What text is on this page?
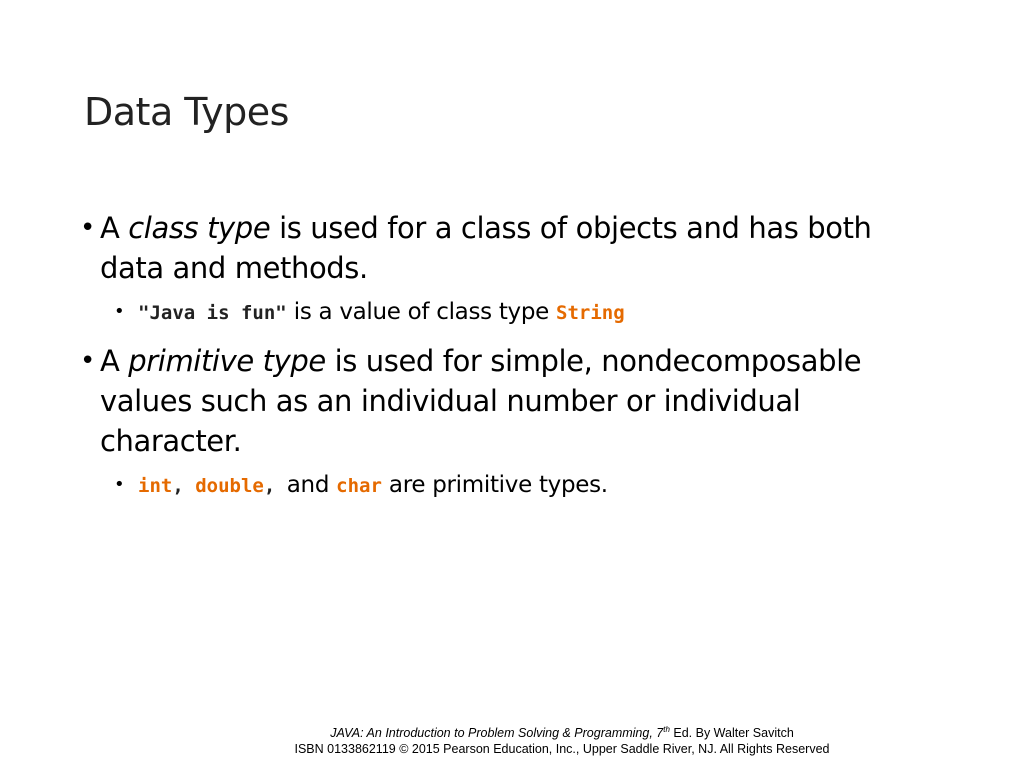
Data Types
• A class type is used for a class of objects and has both data and methods.
• "Java is fun" is a value of class type String
• A primitive type is used for simple, nondecomposable values such as an individual number or individual character.
• int, double, and char are primitive types.
JAVA: An Introduction to Problem Solving & Programming, 7th Ed. By Walter Savitch
ISBN 0133862119 © 2015 Pearson Education, Inc., Upper Saddle River, NJ. All Rights Reserved
